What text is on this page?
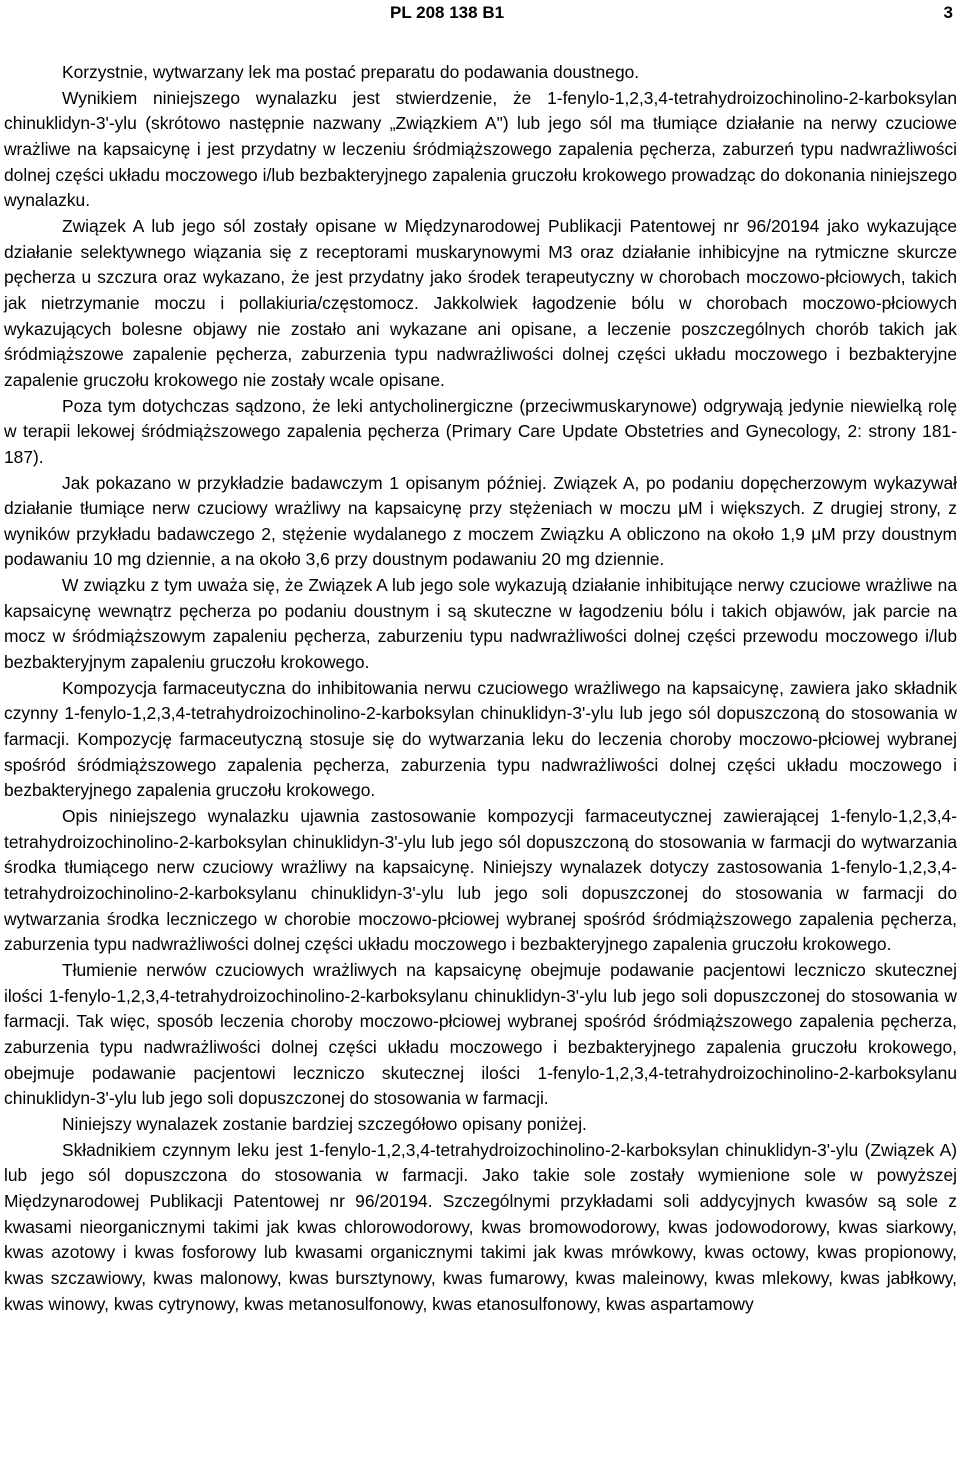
PL 208 138 B1	3

Korzystnie, wytwarzany lek ma postać preparatu do podawania doustnego.

Wynikiem niniejszego wynalazku jest stwierdzenie, że 1-fenylo-1,2,3,4-tetrahydroizochinolino-2-karboksylan chinuklidyn-3'-ylu (skrótowo następnie nazwany „Związkiem A") lub jego sól ma tłumiące działanie na nerwy czuciowe wrażliwe na kapsaicynę i jest przydatny w leczeniu śródmiąższowego zapalenia pęcherza, zaburzeń typu nadwrażliwości dolnej części układu moczowego i/lub bezbakteryjnego zapalenia gruczołu krokowego prowadząc do dokonania niniejszego wynalazku.

Związek A lub jego sól zostały opisane w Międzynarodowej Publikacji Patentowej nr 96/20194 jako wykazujące działanie selektywnego wiązania się z receptorami muskarynowymi M3 oraz działanie inhibicyjne na rytmiczne skurcze pęcherza u szczura oraz wykazano, że jest przydatny jako środek terapeutyczny w chorobach moczowo-płciowych, takich jak nietrzymanie moczu i pollakiuria/częstomocz. Jakkolwiek łagodzenie bólu w chorobach moczowo-płciowych wykazujących bolesne objawy nie zostało ani wykazane ani opisane, a leczenie poszczególnych chorób takich jak śródmiąższowe zapalenie pęcherza, zaburzenia typu nadwrażliwości dolnej części układu moczowego i bezbakteryjne zapalenie gruczołu krokowego nie zostały wcale opisane.

Poza tym dotychczas sądzono, że leki antycholinergiczne (przeciwmuskarynowe) odgrywają jedynie niewielką rolę w terapii lekowej śródmiąższowego zapalenia pęcherza (Primary Care Update Obstetries and Gynecology, 2: strony 181-187).

Jak pokazano w przykładzie badawczym 1 opisanym później. Związek A, po podaniu dopęcherzowym wykazywał działanie tłumiące nerw czuciowy wrażliwy na kapsaicynę przy stężeniach w moczu μM i większych. Z drugiej strony, z wyników przykładu badawczego 2, stężenie wydalanego z moczem Związku A obliczono na około 1,9 μM przy doustnym podawaniu 10 mg dziennie, a na około 3,6 przy doustnym podawaniu 20 mg dziennie.

W związku z tym uważa się, że Związek A lub jego sole wykazują działanie inhibitujące nerwy czuciowe wrażliwe na kapsaicynę wewnątrz pęcherza po podaniu doustnym i są skuteczne w łagodzeniu bólu i takich objawów, jak parcie na mocz w śródmiąższowym zapaleniu pęcherza, zaburzeniu typu nadwrażliwości dolnej części przewodu moczowego i/lub bezbakteryjnym zapaleniu gruczołu krokowego.

Kompozycja farmaceutyczna do inhibitowania nerwu czuciowego wrażliwego na kapsaicynę, zawiera jako składnik czynny 1-fenylo-1,2,3,4-tetrahydroizochinolino-2-karboksylan chinuklidyn-3'-ylu lub jego sól dopuszczoną do stosowania w farmacji. Kompozycję farmaceutyczną stosuje się do wytwarzania leku do leczenia choroby moczowo-płciowej wybranej spośród śródmiąższowego zapalenia pęcherza, zaburzenia typu nadwrażliwości dolnej części układu moczowego i bezbakteryjnego zapalenia gruczołu krokowego.

Opis niniejszego wynalazku ujawnia zastosowanie kompozycji farmaceutycznej zawierającej 1-fenylo-1,2,3,4-tetrahydroizochinolino-2-karboksylan chinuklidyn-3'-ylu lub jego sól dopuszczoną do stosowania w farmacji do wytwarzania środka tłumiącego nerw czuciowy wrażliwy na kapsaicynę. Niniejszy wynalazek dotyczy zastosowania 1-fenylo-1,2,3,4-tetrahydroizochinolino-2-karboksylanu chinuklidyn-3'-ylu lub jego soli dopuszczonej do stosowania w farmacji do wytwarzania środka leczniczego w chorobie moczowo-płciowej wybranej spośród śródmiąższowego zapalenia pęcherza, zaburzenia typu nadwrażliwości dolnej części układu moczowego i bezbakteryjnego zapalenia gruczołu krokowego.

Tłumienie nerwów czuciowych wrażliwych na kapsaicynę obejmuje podawanie pacjentowi leczniczo skutecznej ilości 1-fenylo-1,2,3,4-tetrahydroizochinolino-2-karboksylanu chinuklidyn-3'-ylu lub jego soli dopuszczonej do stosowania w farmacji. Tak więc, sposób leczenia choroby moczowo-płciowej wybranej spośród śródmiąższowego zapalenia pęcherza, zaburzenia typu nadwrażliwości dolnej części układu moczowego i bezbakteryjnego zapalenia gruczołu krokowego, obejmuje podawanie pacjentowi leczniczo skutecznej ilości 1-fenylo-1,2,3,4-tetrahydroizochinolino-2-karboksylanu chinuklidyn-3'-ylu lub jego soli dopuszczonej do stosowania w farmacji.

Niniejszy wynalazek zostanie bardziej szczegółowo opisany poniżej.

Składnikiem czynnym leku jest 1-fenylo-1,2,3,4-tetrahydroizochinolino-2-karboksylan chinuklidyn-3'-ylu (Związek A) lub jego sól dopuszczona do stosowania w farmacji. Jako takie sole zostały wymienione sole w powyższej Międzynarodowej Publikacji Patentowej nr 96/20194. Szczególnymi przykładami soli addycyjnych kwasów są sole z kwasami nieorganicznymi takimi jak kwas chlorowodorowy, kwas bromowodorowy, kwas jodowodorowy, kwas siarkowy, kwas azotowy i kwas fosforowy lub kwasami organicznymi takimi jak kwas mrówkowy, kwas octowy, kwas propionowy, kwas szczawiowy, kwas malonowy, kwas bursztynowy, kwas fumarowy, kwas maleinowy, kwas mlekowy, kwas jabłkowy, kwas winowy, kwas cytrynowy, kwas metanosulfonowy, kwas etanosulfonowy, kwas aspartamowy
